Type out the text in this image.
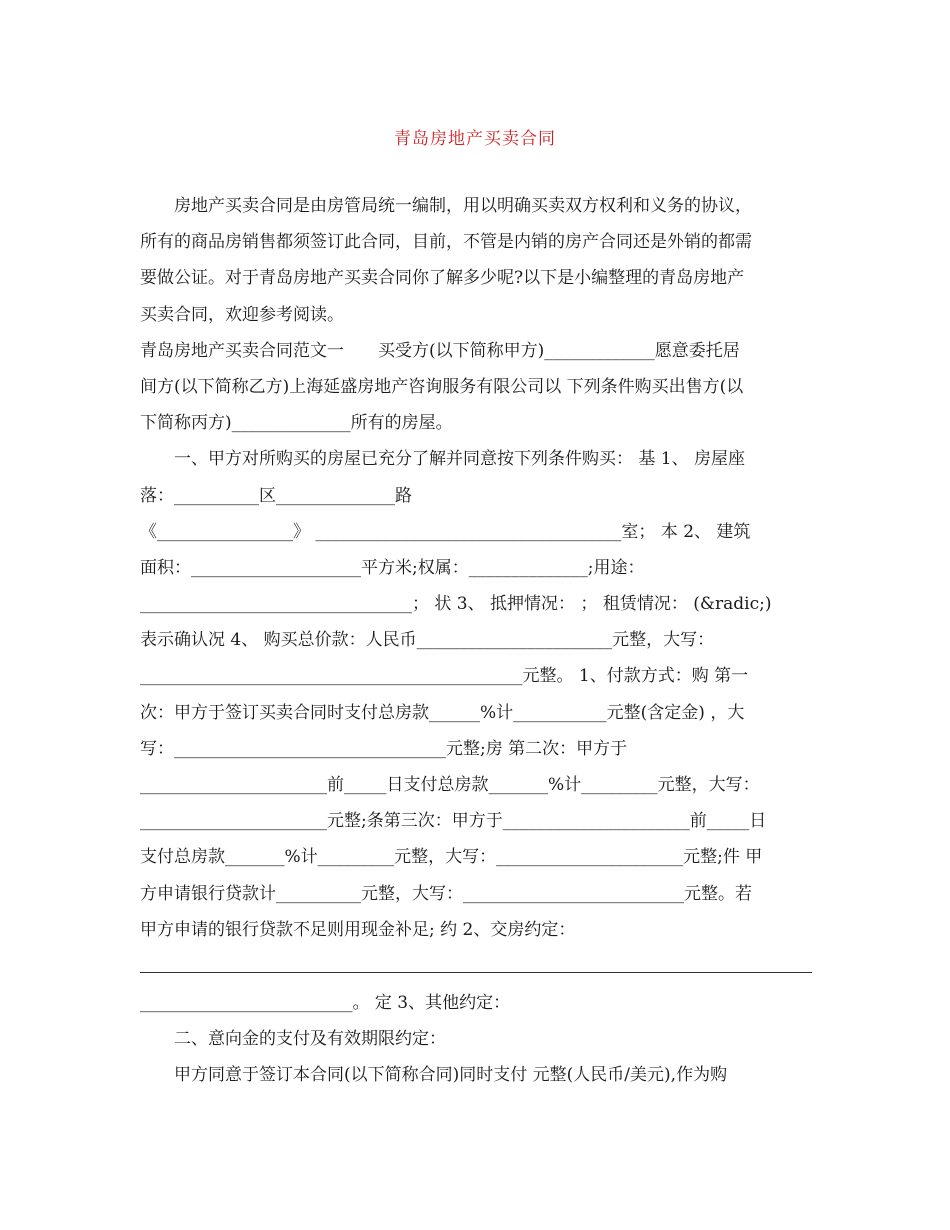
青岛房地产买卖合同
房地产买卖合同是由房管局统一编制，用以明确买卖双方权利和义务的协议，
所有的商品房销售都须签订此合同，目前，不管是内销的房产合同还是外销的都需
要做公证。对于青岛房地产买卖合同你了解多少呢?以下是小编整理的青岛房地产
买卖合同，欢迎参考阅读。
青岛房地产买卖合同范文一　　买受方(以下简称甲方)_____________愿意委托居
间方(以下简称乙方)上海延盛房地产咨询服务有限公司以 下列条件购买出售方(以
下简称丙方)______________所有的房屋。
一、甲方对所购买的房屋已充分了解并同意按下列条件购买： 基 1、 房屋座
落：__________区______________路
《________________》 ____________________________________室； 本 2、 建筑
面积：____________________平方米;权属：______________;用途：
________________________________； 状 3、 抵押情况： ； 租赁情况： (&radic;)
表示确认况 4、 购买总价款：人民币_______________________元整，大写：
_____________________________________________元整。 1、付款方式：购 第一
次：甲方于签订买卖合同时支付总房款______%计___________元整(含定金) ，大
写：________________________________元整;房 第二次：甲方于
______________________前_____日支付总房款_______%计_________元整，大写：
______________________元整;条第三次：甲方于______________________前_____日
支付总房款_______%计_________元整，大写：______________________元整;件 甲
方申请银行贷款计__________元整，大写：__________________________元整。若
甲方申请的银行贷款不足则用现金补足; 约 2、交房约定：
_________________________。 定 3、其他约定：
二、意向金的支付及有效期限约定：
甲方同意于签订本合同(以下简称合同)同时支付 元整(人民币/美元),作为购
